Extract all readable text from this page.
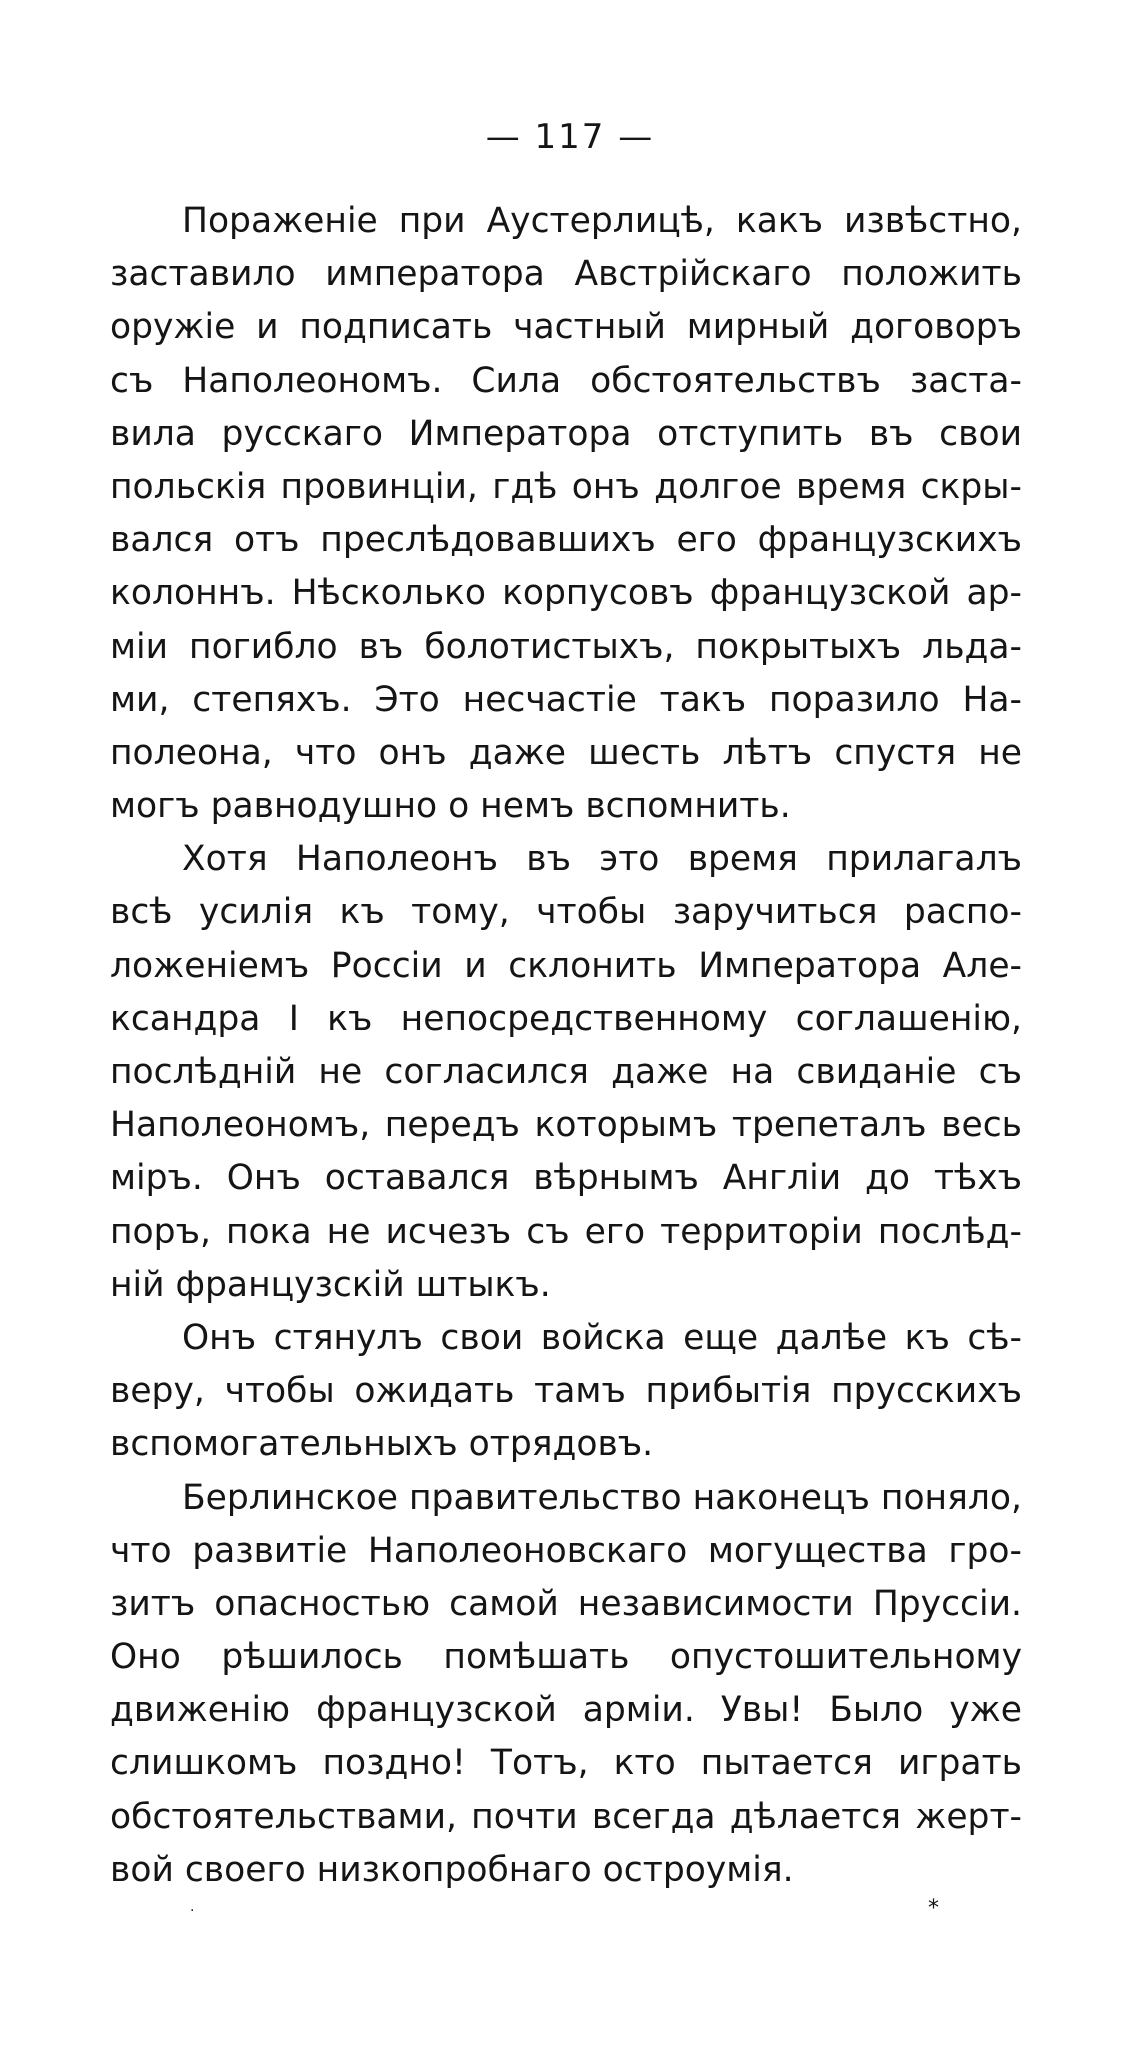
— 117 —
Пораженіе при Аустерлицѣ, какъ извѣстно,
заставило императора Австрійскаго положить
оружіе и подписать частный мирный договоръ
съ Наполеономъ. Сила обстоятельствъ заста-
вила русскаго Императора отступить въ свои
польскія провинціи, гдѣ онъ долгое время скры-
вался отъ преслѣдовавшихъ его французскихъ
колоннъ. Нѣсколько корпусовъ французской ар-
міи погибло въ болотистыхъ, покрытыхъ льда-
ми, степяхъ. Это несчастіе такъ поразило На-
полеона, что онъ даже шесть лѣтъ спустя не
могъ равнодушно о немъ вспомнить.
Хотя Наполеонъ въ это время прилагалъ
всѣ усилія къ тому, чтобы заручиться распо-
ложеніемъ Россіи и склонить Императора Але-
ксандра I къ непосредственному соглашенію,
послѣдній не согласился даже на свиданіе съ
Наполеономъ, передъ которымъ трепеталъ весь
міръ. Онъ оставался вѣрнымъ Англіи до тѣхъ
поръ, пока не исчезъ съ его территоріи послѣд-
ній французскій штыкъ.
Онъ стянулъ свои войска еще далѣе къ сѣ-
веру, чтобы ожидать тамъ прибытія прусскихъ
вспомогательныхъ отрядовъ.
Берлинское правительство наконецъ поняло,
что развитіе Наполеоновскаго могущества гро-
зитъ опасностью самой независимости Пруссіи.
Оно рѣшилось помѣшать опустошительному
движенію французской арміи. Увы! Было уже
слишкомъ поздно! Тотъ, кто пытается играть
обстоятельствами, почти всегда дѣлается жерт-
вой своего низкопробнаго остроумія.
·	*
